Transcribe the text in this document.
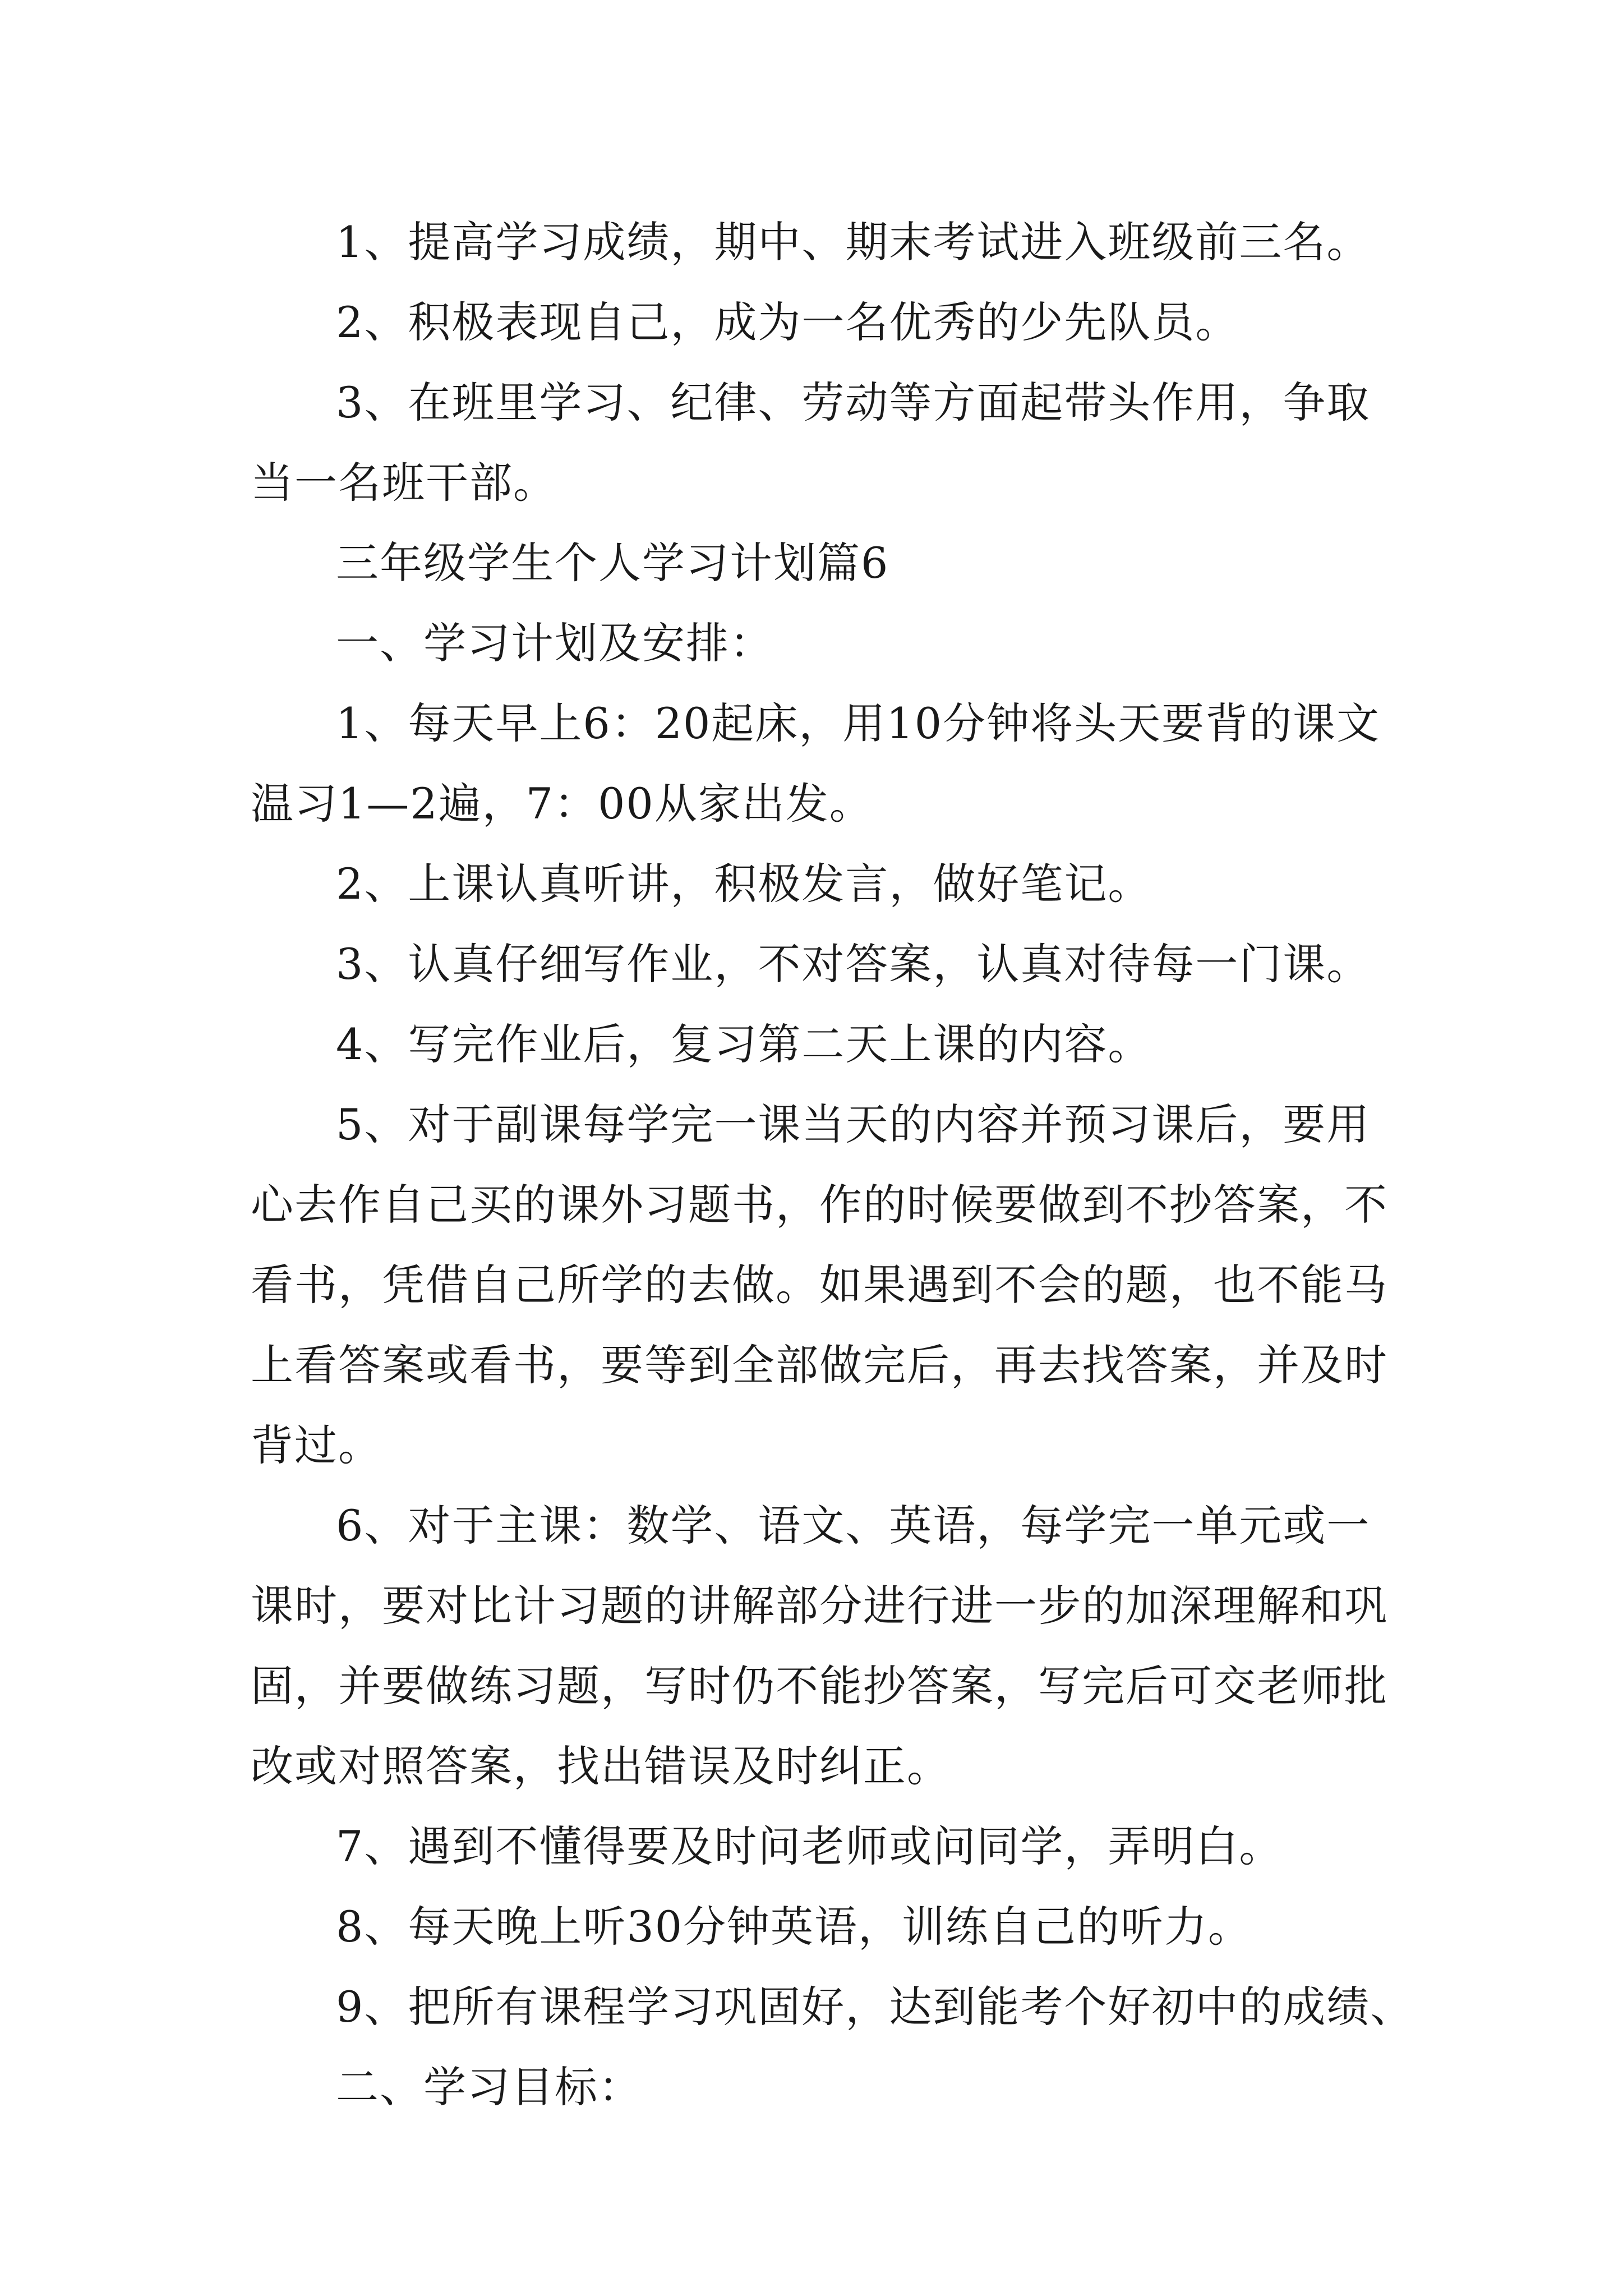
1、提高学习成绩，期中、期末考试进入班级前三名。
2、积极表现自己，成为一名优秀的少先队员。
3、在班里学习、纪律、劳动等方面起带头作用，争取
当一名班干部。
三年级学生个人学习计划篇6
一、学习计划及安排：
1、每天早上6：20起床，用10分钟将头天要背的课文
温习1—2遍，7：00从家出发。
2、上课认真听讲，积极发言，做好笔记。
3、认真仔细写作业，不对答案，认真对待每一门课。
4、写完作业后，复习第二天上课的内容。
5、对于副课每学完一课当天的内容并预习课后，要用
心去作自己买的课外习题书，作的时候要做到不抄答案，不
看书，凭借自己所学的去做。如果遇到不会的题，也不能马
上看答案或看书，要等到全部做完后，再去找答案，并及时
背过。
6、对于主课：数学、语文、英语，每学完一单元或一
课时，要对比计习题的讲解部分进行进一步的加深理解和巩
固，并要做练习题，写时仍不能抄答案，写完后可交老师批
改或对照答案，找出错误及时纠正。
7、遇到不懂得要及时问老师或问同学，弄明白。
8、每天晚上听30分钟英语，训练自己的听力。
9、把所有课程学习巩固好，达到能考个好初中的成绩、
二、学习目标：
